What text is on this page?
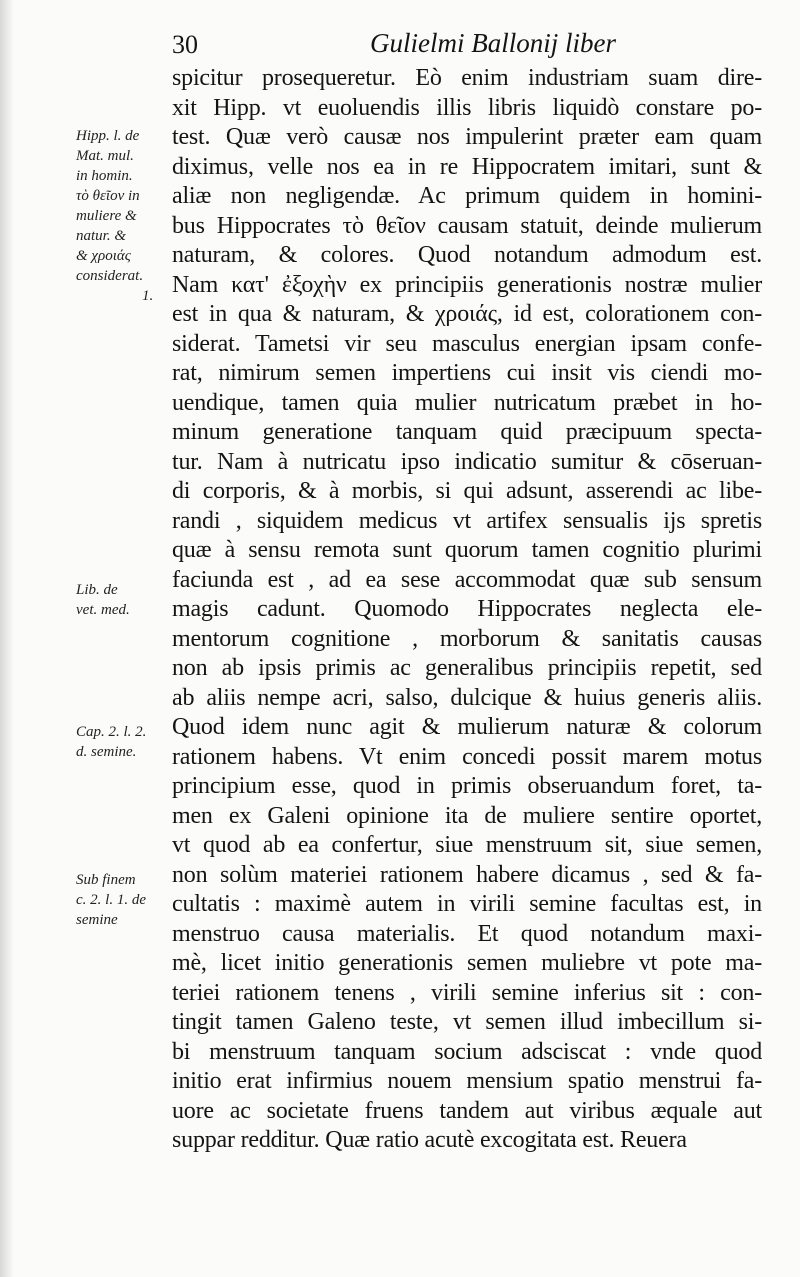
30	Gulielmi Ballonij liber
Hipp. l. de
Mat. mul.
in homin.
τὸ θεῖον in
muliere &
natur. &
& χροιάς
considerat.
1.
Lib. de
vet. med.
Cap. 2. l. 2.
d. semine.
Sub finem
c. 2. l. 1. de
semine
spicitur prosequeretur. Eò enim industriam suam dire-
xit Hipp. vt euoluendis illis libris liquidò constare po-
test. Quæ verò causæ nos impulerint præter eam quam
diximus, velle nos ea in re Hippocratem imitari, sunt &
aliæ non negligendæ. Ac primum quidem in homini-
bus Hippocrates τὸ θεῖον causam statuit, deinde mulierum
naturam, & colores. Quod notandum admodum est.
Nam κατ' ἐξοχὴν ex principiis generationis nostræ mulier
est in qua & naturam, & χροιάς, id est, colorationem con-
siderat. Tametsi vir seu masculus energian ipsam confe-
rat, nimirum semen impertiens cui insit vis ciendi mo-
uendique, tamen quia mulier nutricatum præbet in ho-
minum generatione tanquam quid præcipuum specta-
tur. Nam à nutricatu ipso indicatio sumitur & cōseruan-
di corporis, & à morbis, si qui adsunt, asserendi ac libe-
randi , siquidem medicus vt artifex sensualis ijs spretis
quæ à sensu remota sunt quorum tamen cognitio plurimi
faciunda est , ad ea sese accommodat quæ sub sensum
magis cadunt. Quomodo Hippocrates neglecta ele-
mentorum cognitione , morborum & sanitatis causas
non ab ipsis primis ac generalibus principiis repetit, sed
ab aliis nempe acri, salso, dulcique & huius generis aliis.
Quod idem nunc agit & mulierum naturæ & colorum
rationem habens. Vt enim concedi possit marem motus
principium esse, quod in primis obseruandum foret, ta-
men ex Galeni opinione ita de muliere sentire oportet,
vt quod ab ea confertur, siue menstruum sit, siue semen,
non solùm materiei rationem habere dicamus , sed & fa-
cultatis : maximè autem in virili semine facultas est, in
menstruo causa materialis. Et quod notandum maxi-
mè, licet initio generationis semen muliebre vt pote ma-
teriei rationem tenens , virili semine inferius sit : con-
tingit tamen Galeno teste, vt semen illud imbecillum si-
bi menstruum tanquam socium adsciscat : vnde quod
initio erat infirmius nouem mensium spatio menstrui fa-
uore ac societate fruens tandem aut viribus æquale aut
suppar redditur. Quæ ratio acutè excogitata est. Reuera
